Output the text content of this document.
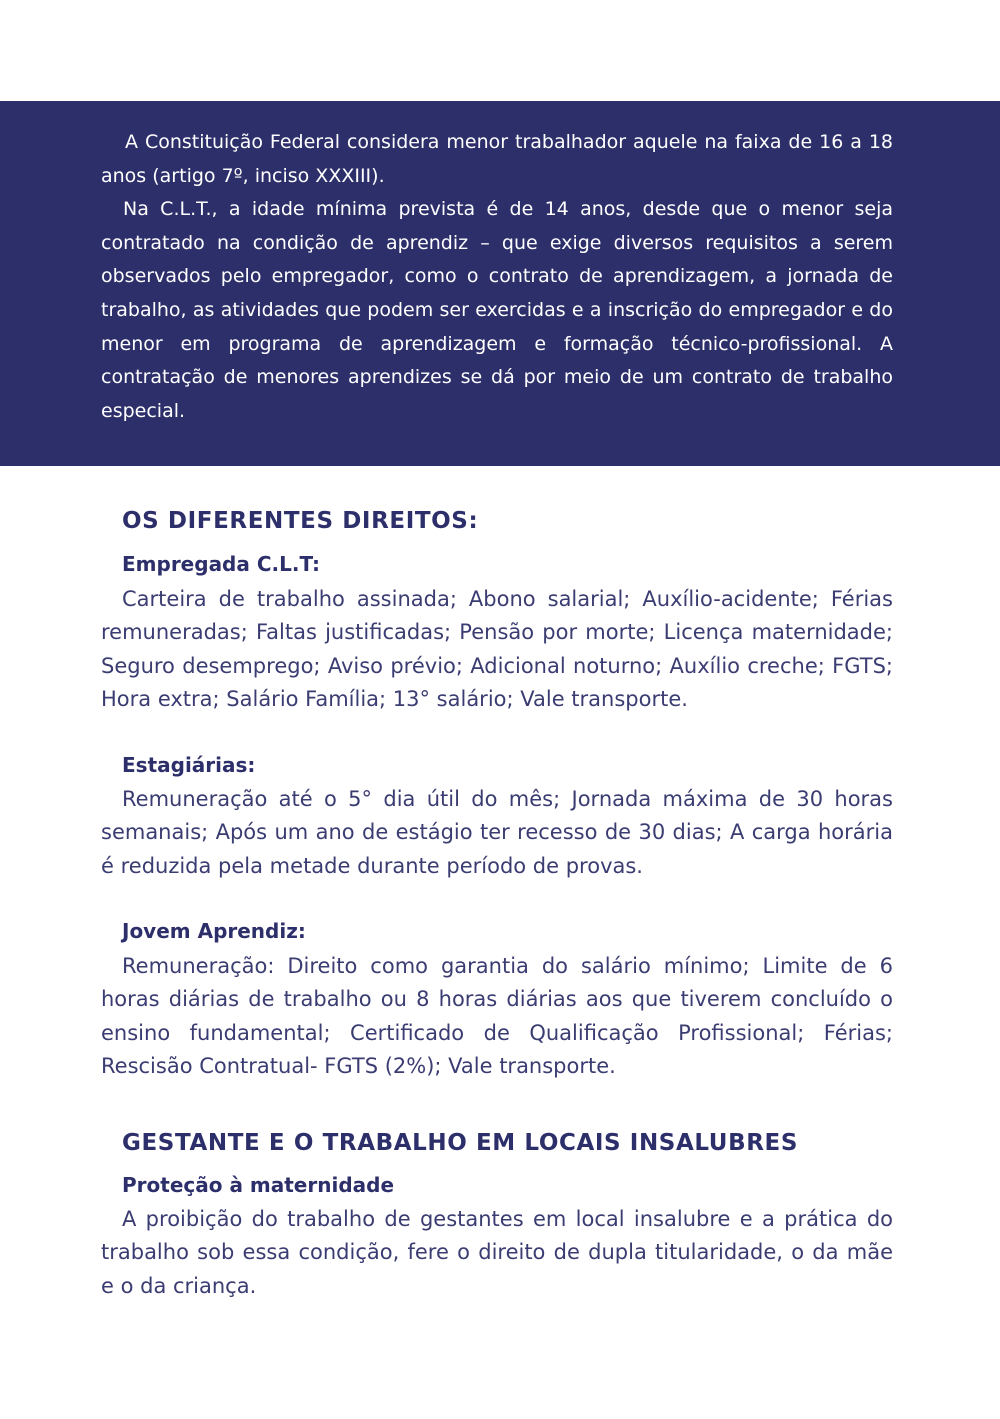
A Constituição Federal considera menor trabalhador aquele na faixa de 16 a 18 anos (artigo 7º, inciso XXXIII).

Na C.L.T., a idade mínima prevista é de 14 anos, desde que o menor seja contratado na condição de aprendiz – que exige diversos requisitos a serem observados pelo empregador, como o contrato de aprendizagem, a jornada de trabalho, as atividades que podem ser exercidas e a inscrição do empregador e do menor em programa de aprendizagem e formação técnico-profissional. A contratação de menores aprendizes se dá por meio de um contrato de trabalho especial.

OS DIFERENTES DIREITOS:
Empregada C.L.T:

Carteira de trabalho assinada; Abono salarial; Auxílio-acidente; Férias remuneradas; Faltas justificadas; Pensão por morte; Licença maternidade; Seguro desemprego; Aviso prévio; Adicional noturno; Auxílio creche; FGTS; Hora extra; Salário Família; 13° salário; Vale transporte.

Estagiárias:

Remuneração até o 5° dia útil do mês; Jornada máxima de 30 horas semanais; Após um ano de estágio ter recesso de 30 dias; A carga horária é reduzida pela metade durante período de provas.

Jovem Aprendiz:

Remuneração: Direito como garantia do salário mínimo; Limite de 6 horas diárias de trabalho ou 8 horas diárias aos que tiverem concluído o ensino fundamental; Certificado de Qualificação Profissional; Férias; Rescisão Contratual- FGTS (2%); Vale transporte.

GESTANTE E O TRABALHO EM LOCAIS INSALUBRES
Proteção à maternidade

A proibição do trabalho de gestantes em local insalubre e a prática do trabalho sob essa condição, fere o direito de dupla titularidade, o da mãe e o da criança.
